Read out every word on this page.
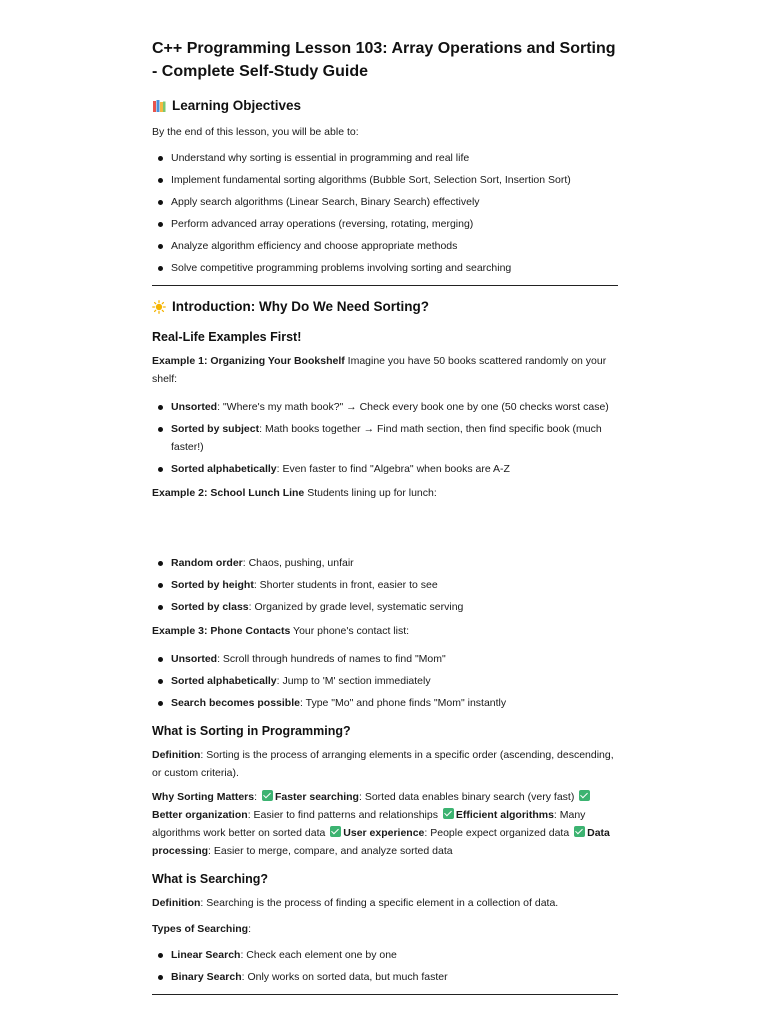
C++ Programming Lesson 103: Array Operations and Sorting - Complete Self-Study Guide
Learning Objectives

By the end of this lesson, you will be able to:

Understand why sorting is essential in programming and real life
Implement fundamental sorting algorithms (Bubble Sort, Selection Sort, Insertion Sort)
Apply search algorithms (Linear Search, Binary Search) effectively
Perform advanced array operations (reversing, rotating, merging)
Analyze algorithm efficiency and choose appropriate methods
Solve competitive programming problems involving sorting and searching
Introduction: Why Do We Need Sorting?
Real-Life Examples First!

Example 1: Organizing Your Bookshelf Imagine you have 50 books scattered randomly on your shelf:

Unsorted: "Where's my math book?" → Check every book one by one (50 checks worst case)
Sorted by subject: Math books together → Find math section, then find specific book (much faster!)
Sorted alphabetically: Even faster to find "Algebra" when books are A-Z

Example 2: School Lunch Line Students lining up for lunch:

Random order: Chaos, pushing, unfair
Sorted by height: Shorter students in front, easier to see
Sorted by class: Organized by grade level, systematic serving

Example 3: Phone Contacts Your phone's contact list:

Unsorted: Scroll through hundreds of names to find "Mom"
Sorted alphabetically: Jump to 'M' section immediately
Search becomes possible: Type "Mo" and phone finds "Mom" instantly
What is Sorting in Programming?

Definition: Sorting is the process of arranging elements in a specific order (ascending, descending, or custom criteria).

Why Sorting Matters: Faster searching: Sorted data enables binary search (very fast) Better organization: Easier to find patterns and relationships Efficient algorithms: Many algorithms work better on sorted data User experience: People expect organized data Data processing: Easier to merge, compare, and analyze sorted data

What is Searching?

Definition: Searching is the process of finding a specific element in a collection of data.

Types of Searching:

Linear Search: Check each element one by one
Binary Search: Only works on sorted data, but much faster
